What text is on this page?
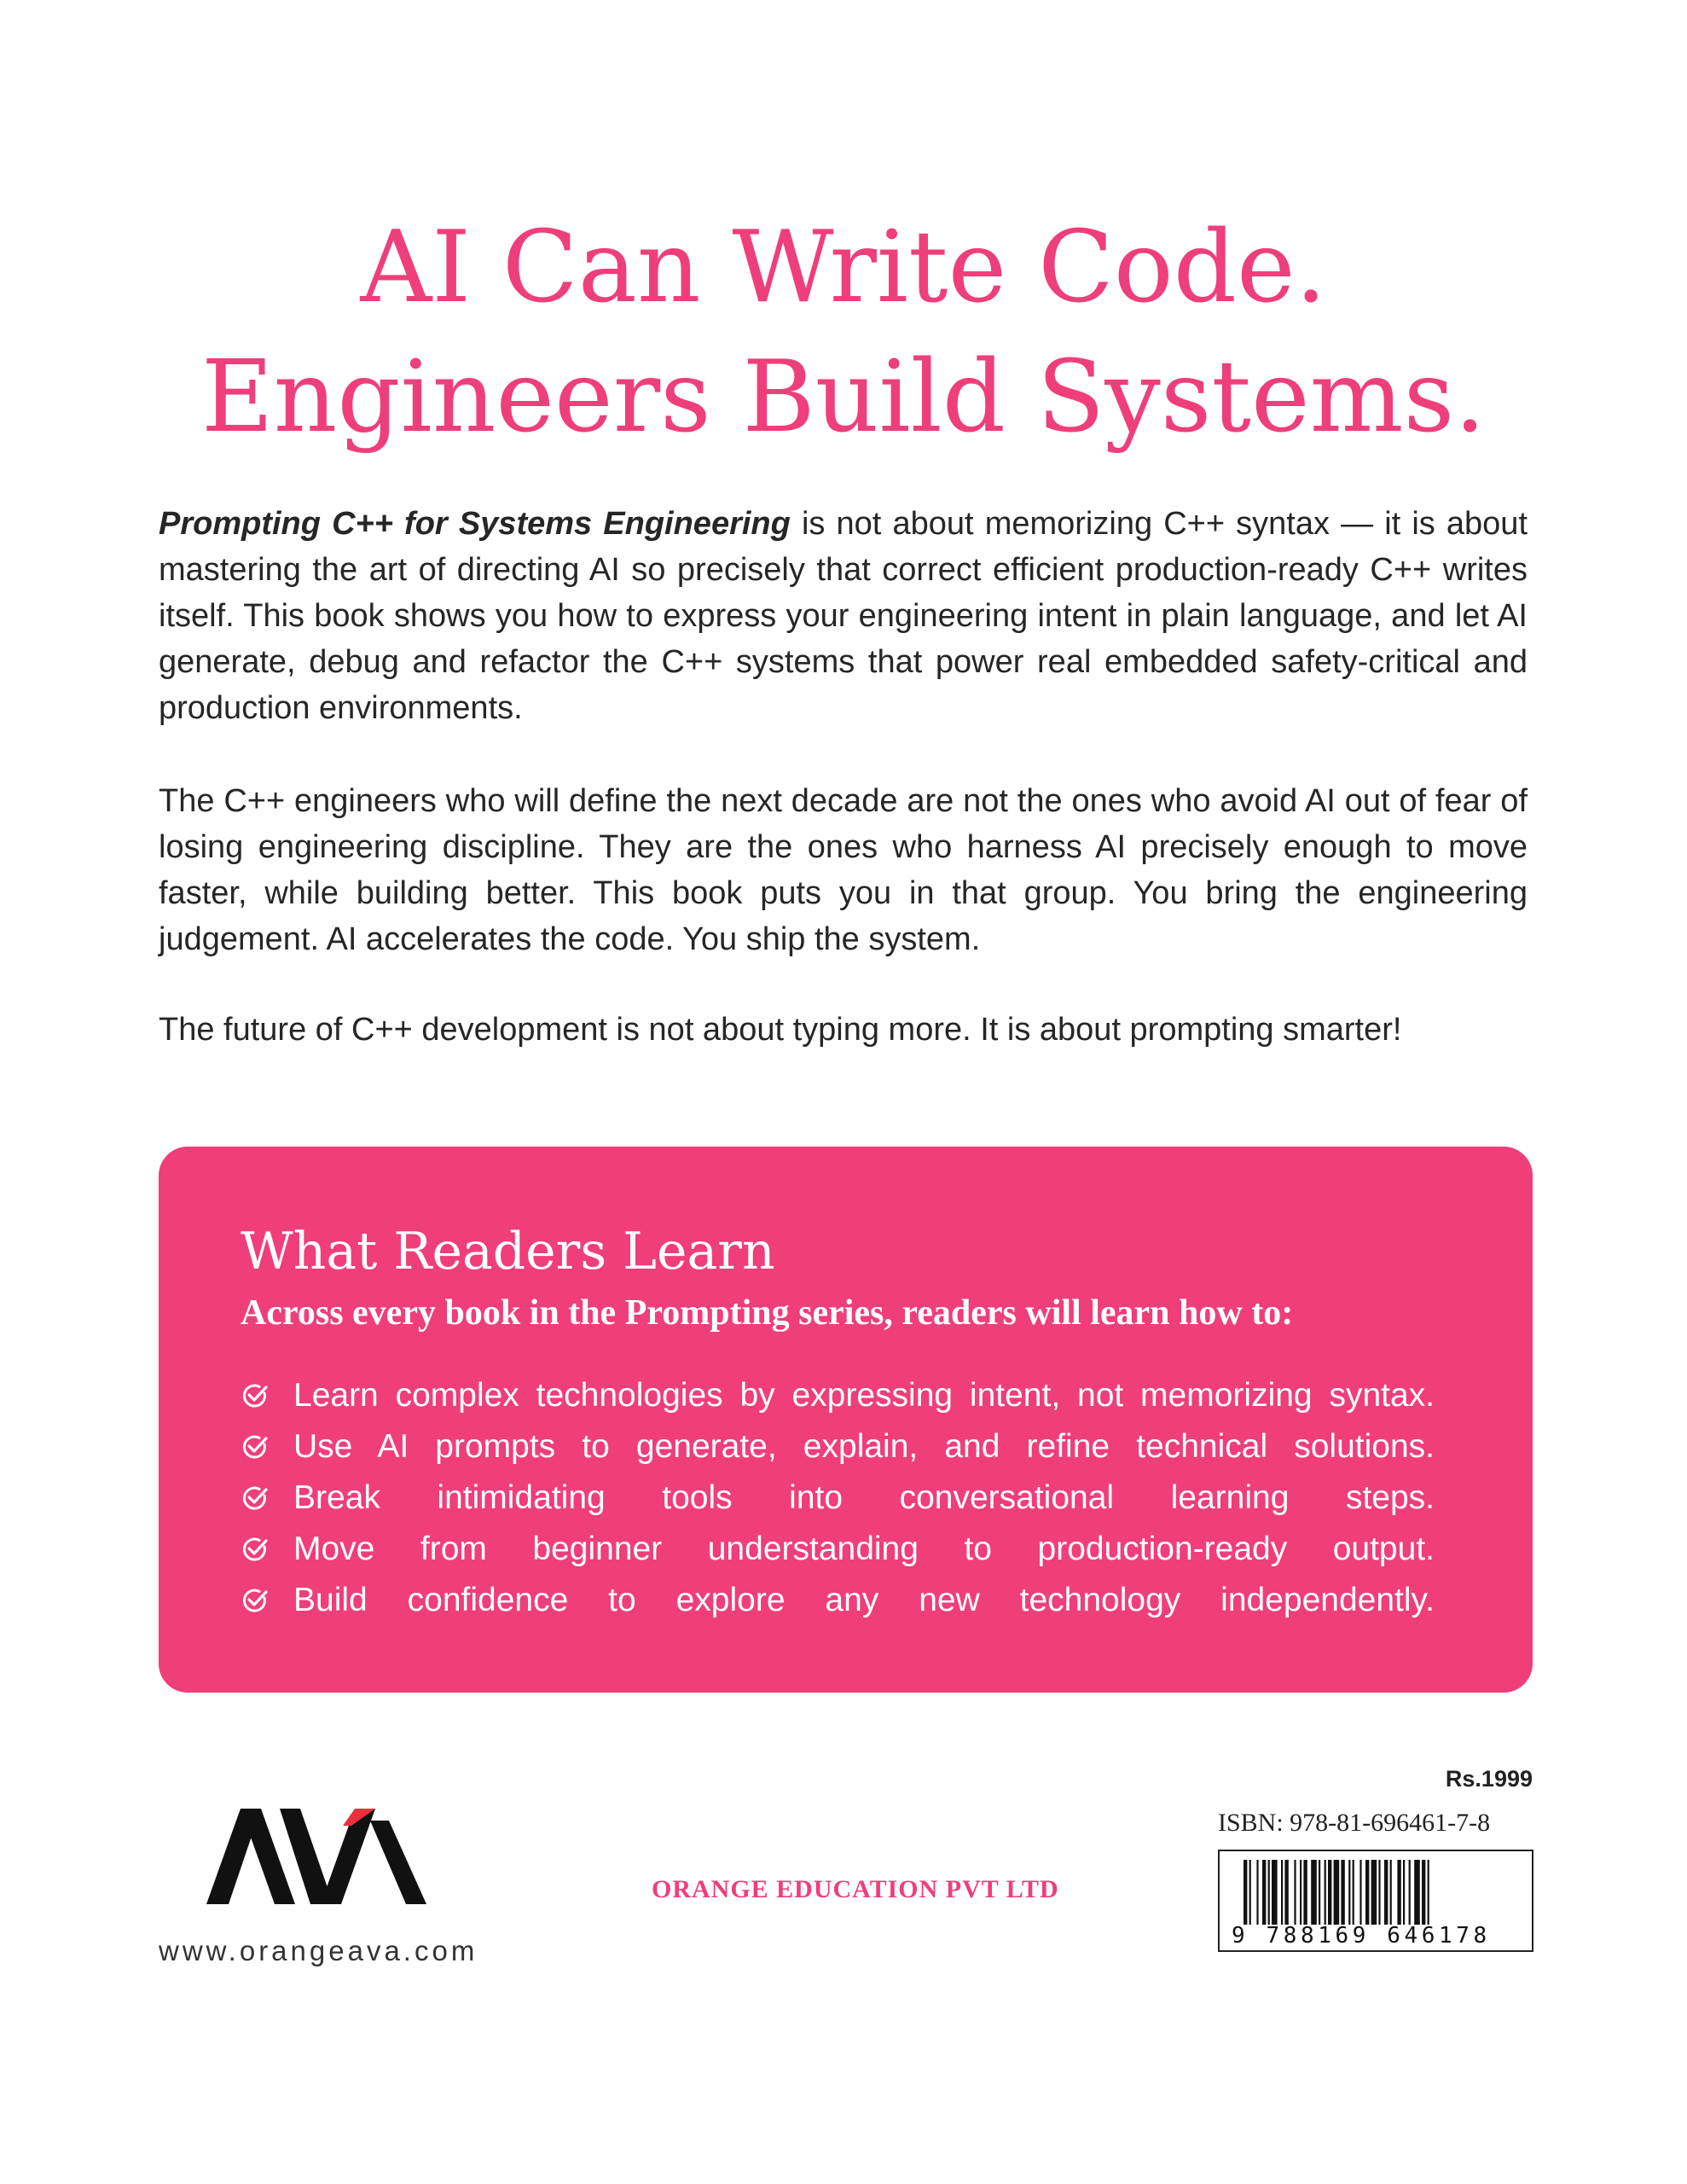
AI Can Write Code.
Engineers Build Systems.

Prompting C++ for Systems Engineering is not about memorizing C++ syntax — it is about mastering the art of directing AI so precisely that correct efficient production-ready C++ writes itself. This book shows you how to express your engineering intent in plain language, and let AI generate, debug and refactor the C++ systems that power real embedded safety-critical and production environments.

The C++ engineers who will define the next decade are not the ones who avoid AI out of fear of losing engineering discipline. They are the ones who harness AI precisely enough to move faster, while building better. This book puts you in that group. You bring the engineering judgement. AI accelerates the code. You ship the system.

The future of C++ development is not about typing more. It is about prompting smarter!

What Readers Learn

Across every book in the Prompting series, readers will learn how to:

Learn complex technologies by expressing intent, not memorizing syntax.
Use AI prompts to generate, explain, and refine technical solutions.
Break intimidating tools into conversational learning steps.
Move from beginner understanding to production-ready output.
Build confidence to explore any new technology independently.

www.orangeava.com

ORANGE EDUCATION PVT LTD

Rs.1999

ISBN: 978-81-696461-7-8

9 788169 646178
